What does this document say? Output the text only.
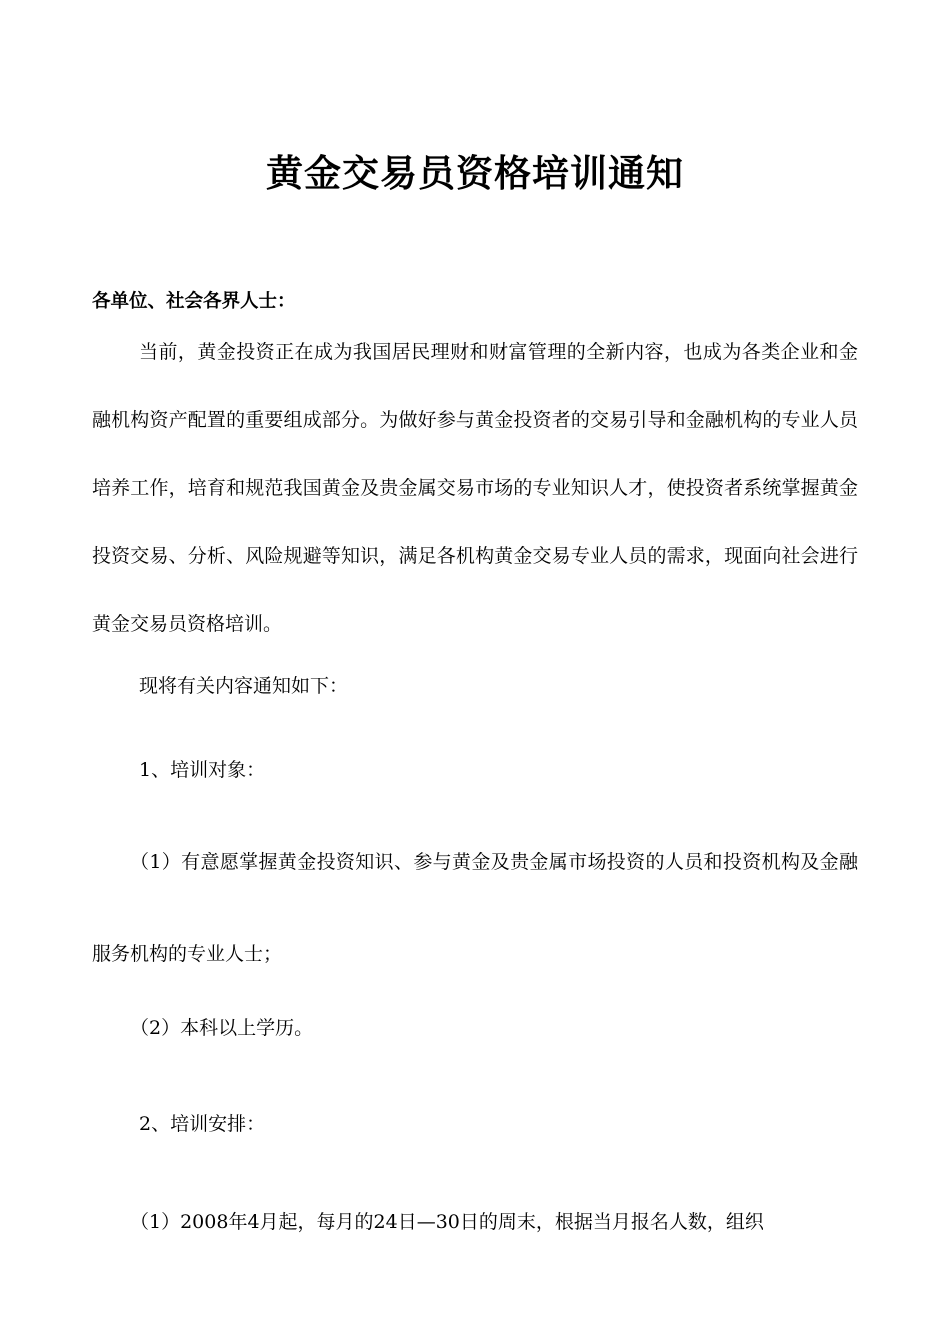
黄金交易员资格培训通知
各单位、社会各界人士：

当前，黄金投资正在成为我国居民理财和财富管理的全新内容，也成为各类企业和金融机构资产配置的重要组成部分。为做好参与黄金投资者的交易引导和金融机构的专业人员培养工作，培育和规范我国黄金及贵金属交易市场的专业知识人才，使投资者系统掌握黄金投资交易、分析、风险规避等知识，满足各机构黄金交易专业人员的需求，现面向社会进行黄金交易员资格培训。

现将有关内容通知如下：

1、培训对象：

（1）有意愿掌握黄金投资知识、参与黄金及贵金属市场投资的人员和投资机构及金融服务机构的专业人士；

（2）本科以上学历。

2、培训安排：

（1）2008年4月起，每月的24日—30日的周末，根据当月报名人数，组织
